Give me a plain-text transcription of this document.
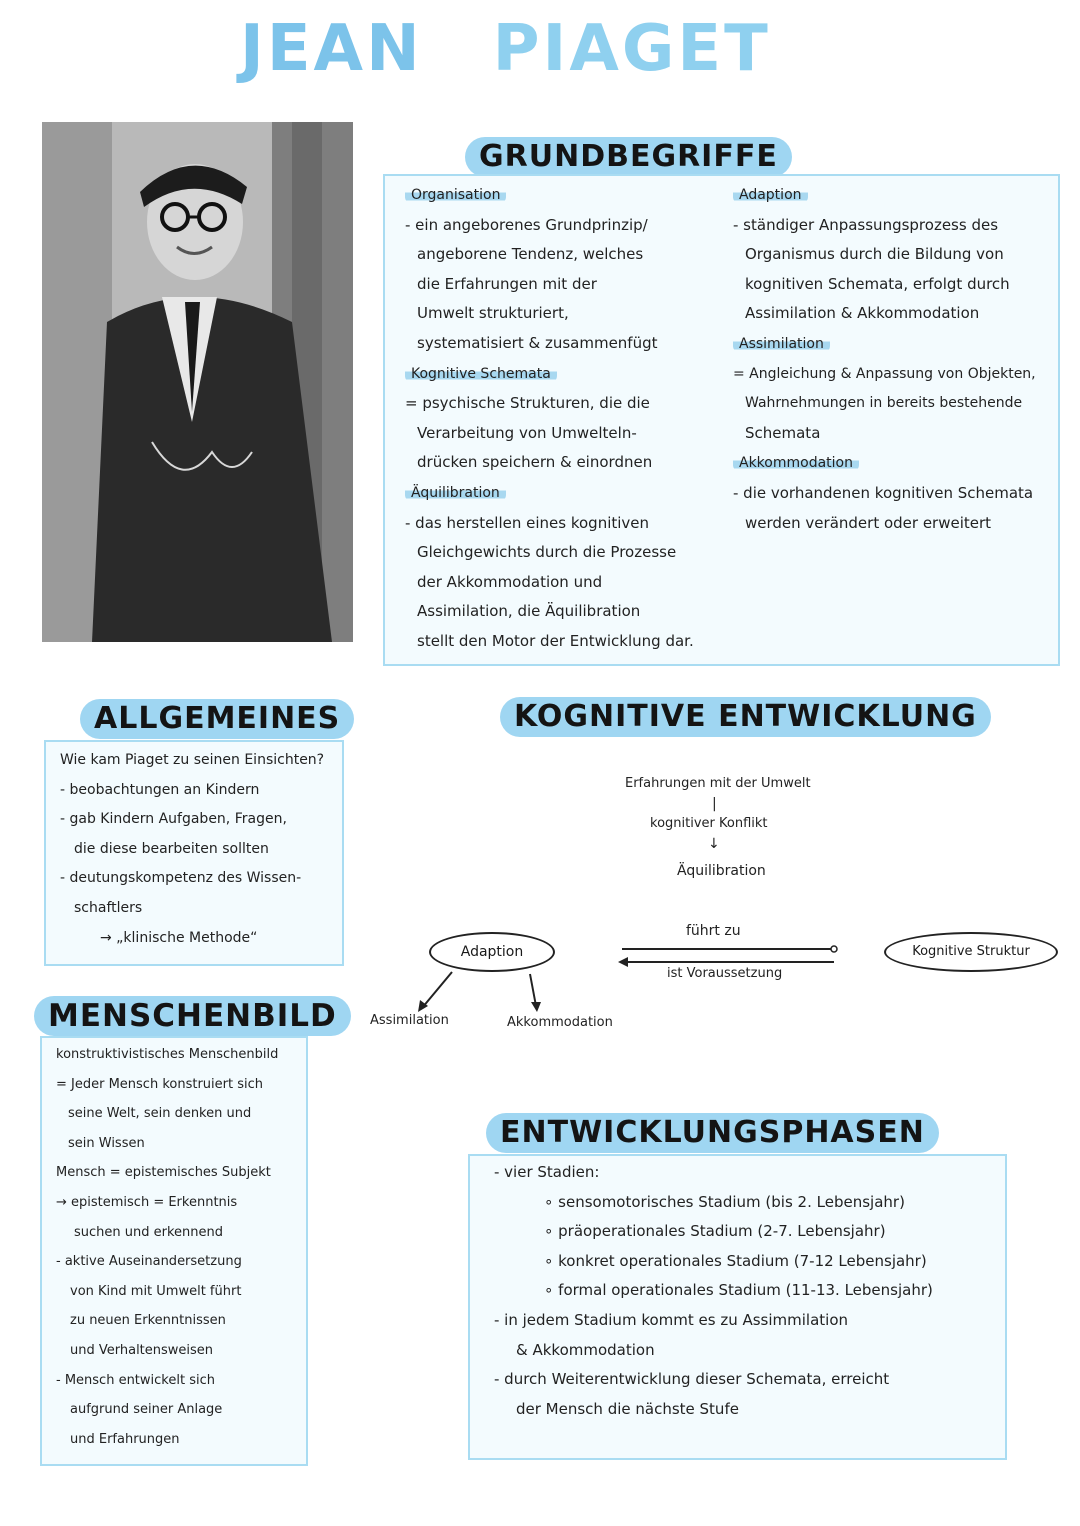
JEAN PIAGET
GRUNDBEGRIFFE
Organisation
- ein angeborenes Grundprinzip/
angeborene Tendenz, welches
die Erfahrungen mit der
Umwelt strukturiert,
systematisiert & zusammenfügt
Kognitive Schemata
= psychische Strukturen, die die
Verarbeitung von Umwelteln-
drücken speichern & einordnen
Äquilibration
- das herstellen eines kognitiven
Gleichgewichts durch die Prozesse
der Akkommodation und
Assimilation, die Äquilibration
stellt den Motor der Entwicklung dar.
Adaption
- ständiger Anpassungsprozess des
Organismus durch die Bildung von
kognitiven Schemata, erfolgt durch
Assimilation & Akkommodation
Assimilation
= Angleichung & Anpassung von Objekten,
Wahrnehmungen in bereits bestehende
Schemata
Akkommodation
- die vorhandenen kognitiven Schemata
werden verändert oder erweitert
ALLGEMEINES
Wie kam Piaget zu seinen Einsichten?
- beobachtungen an Kindern
- gab Kindern Aufgaben, Fragen,
die diese bearbeiten sollten
- deutungskompetenz des Wissen-
schaftlers
→ „klinische Methode“
KOGNITIVE ENTWICKLUNG
Erfahrungen mit der Umwelt
|
kognitiver Konflikt
↓
Äquilibration
Adaption	Kognitive Struktur
führt zu
ist Voraussetzung
Assimilation	Akkommodation
MENSCHENBILD
konstruktivistisches Menschenbild
= Jeder Mensch konstruiert sich
seine Welt, sein denken und
sein Wissen
Mensch = epistemisches Subjekt
→ epistemisch = Erkenntnis
suchen und erkennend
- aktive Auseinandersetzung
von Kind mit Umwelt führt
zu neuen Erkenntnissen
und Verhaltensweisen
- Mensch entwickelt sich
aufgrund seiner Anlage
und Erfahrungen
ENTWICKLUNGSPHASEN
- vier Stadien:
∘ sensomotorisches Stadium (bis 2. Lebensjahr)
∘ präoperationales Stadium (2-7. Lebensjahr)
∘ konkret operationales Stadium (7-12 Lebensjahr)
∘ formal operationales Stadium (11-13. Lebensjahr)
- in jedem Stadium kommt es zu Assimmilation
& Akkommodation
- durch Weiterentwicklung dieser Schemata, erreicht
der Mensch die nächste Stufe
